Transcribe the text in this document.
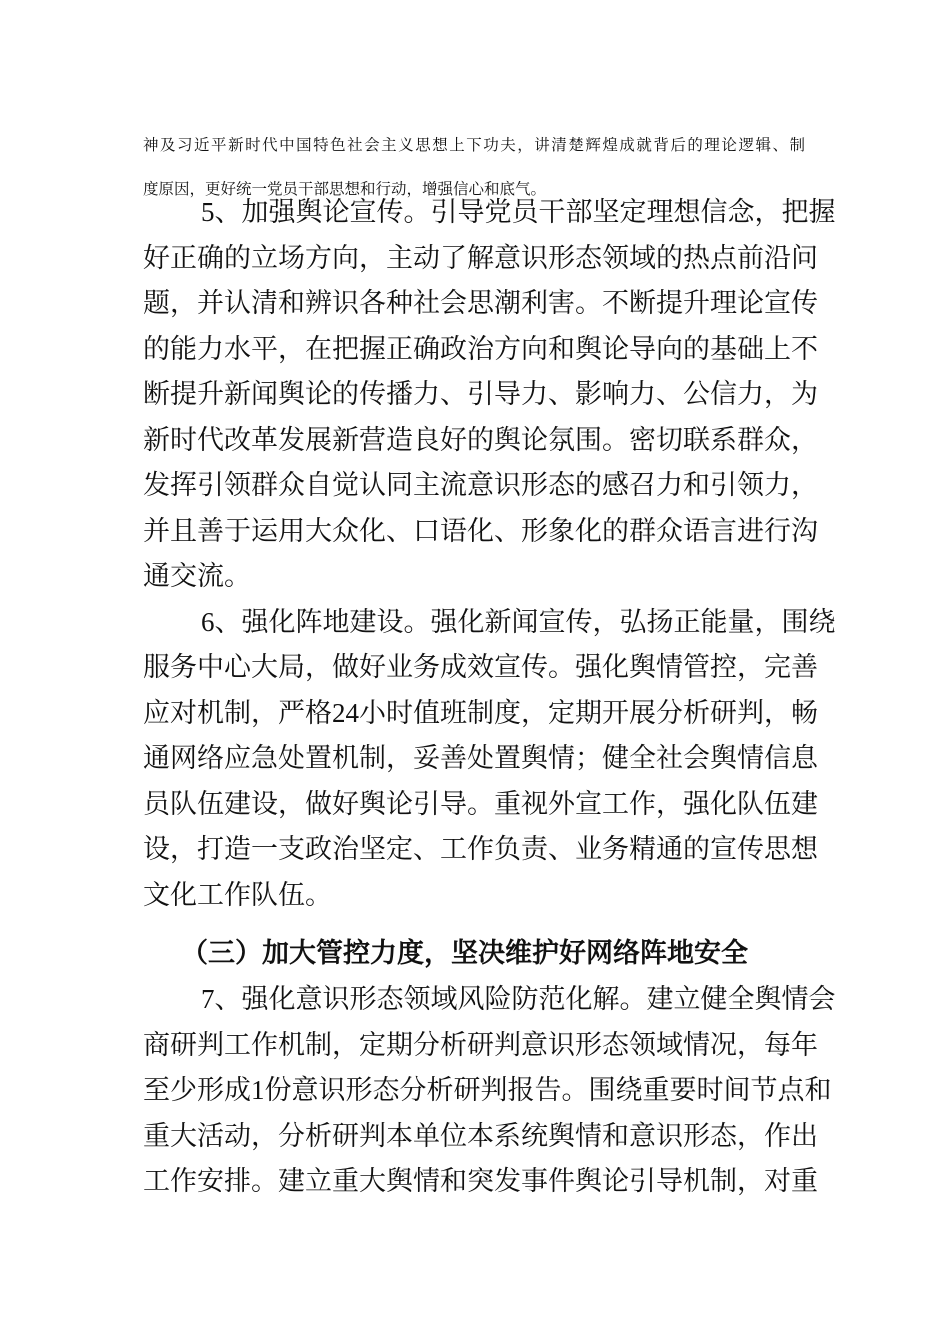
神及习近平新时代中国特色社会主义思想上下功夫，讲清楚辉煌成就背后的理论逻辑、制
度原因，更好统一党员干部思想和行动，增强信心和底气。
5、加强舆论宣传。引导党员干部坚定理想信念，把握
好正确的立场方向，主动了解意识形态领域的热点前沿问
题，并认清和辨识各种社会思潮利害。不断提升理论宣传
的能力水平，在把握正确政治方向和舆论导向的基础上不
断提升新闻舆论的传播力、引导力、影响力、公信力，为
新时代改革发展新营造良好的舆论氛围。密切联系群众，
发挥引领群众自觉认同主流意识形态的感召力和引领力，
并且善于运用大众化、口语化、形象化的群众语言进行沟
通交流。
6、强化阵地建设。强化新闻宣传，弘扬正能量，围绕
服务中心大局，做好业务成效宣传。强化舆情管控，完善
应对机制，严格24小时值班制度，定期开展分析研判，畅
通网络应急处置机制，妥善处置舆情；健全社会舆情信息
员队伍建设，做好舆论引导。重视外宣工作，强化队伍建
设，打造一支政治坚定、工作负责、业务精通的宣传思想
文化工作队伍。
（三）加大管控力度，坚决维护好网络阵地安全
7、强化意识形态领域风险防范化解。建立健全舆情会
商研判工作机制，定期分析研判意识形态领域情况，每年
至少形成1份意识形态分析研判报告。围绕重要时间节点和
重大活动，分析研判本单位本系统舆情和意识形态，作出
工作安排。建立重大舆情和突发事件舆论引导机制，对重
